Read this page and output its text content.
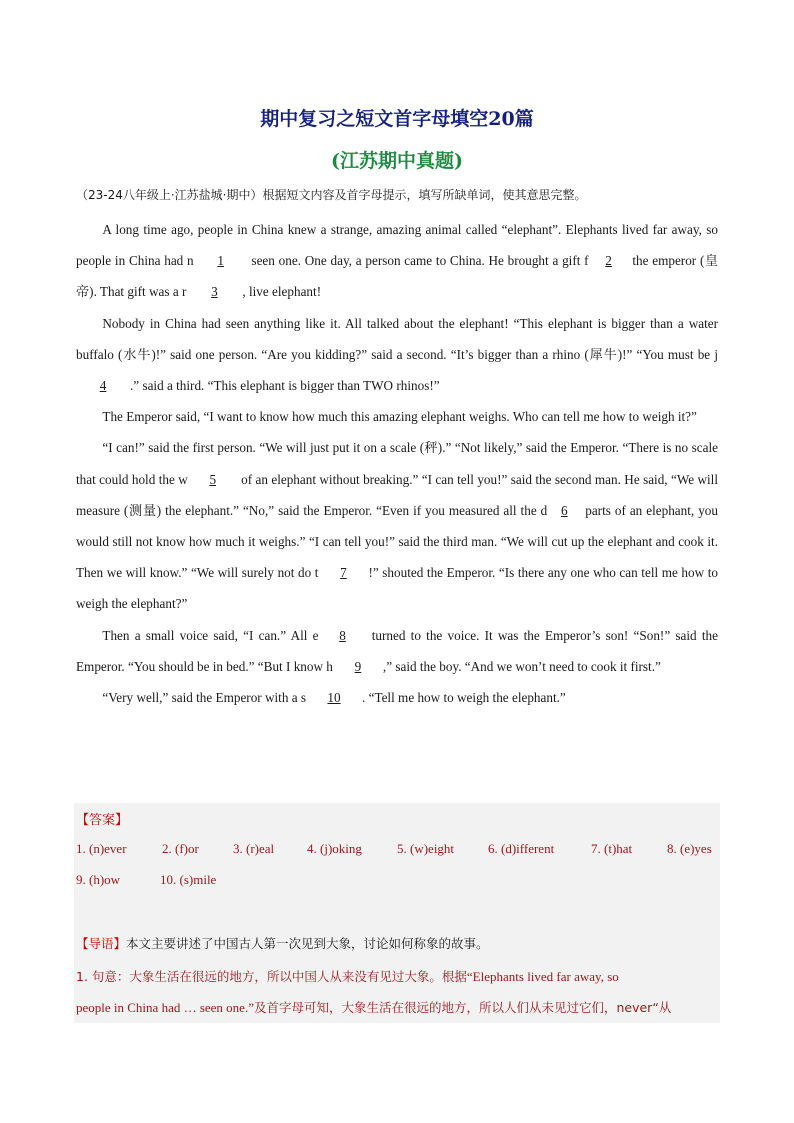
期中复习之短文首字母填空20篇
(江苏期中真题)
（23-24八年级上·江苏盐城·期中）根据短文内容及首字母提示，填写所缺单词，使其意思完整。

A long time ago, people in China knew a strange, amazing animal called “elephant”. Elephants lived far away, so people in China had n 1 seen one. One day, a person came to China. He brought a gift f 2 the emperor (皇帝). That gift was a r 3 , live elephant!

Nobody in China had seen anything like it. All talked about the elephant! “This elephant is bigger than a water buffalo (水牛)!” said one person. “Are you kidding?” said a second. “It’s bigger than a rhino (犀牛)!” “You must be j4 .” said a third. “This elephant is bigger than TWO rhinos!”

The Emperor said, “I want to know how much this amazing elephant weighs. Who can tell me how to weigh it?”

“I can!” said the first person. “We will just put it on a scale (秤).” “Not likely,” said the Emperor. “There is no scale that could hold the w 5 of an elephant without breaking.” “I can tell you!” said the second man. He said, “We will measure (测量) the elephant.” “No,” said the Emperor. “Even if you measured all the d 6 parts of an elephant, you would still not know how much it weighs.” “I can tell you!” said the third man. “We will cut up the elephant and cook it. Then we will know.” “We will surely not do t 7 !” shouted the Emperor. “Is there any one who can tell me how to weigh the elephant?”

Then a small voice said, “I can.” All e 8 turned to the voice. It was the Emperor’s son! “Son!” said the Emperor. “You should be in bed.” “But I know h 9 ,” said the boy. “And we won’t need to cook it first.”

“Very well,” said the Emperor with a s 10 . “Tell me how to weigh the elephant.”

【答案】
1. (n)ever	2. (f)or	3. (r)eal	4. (j)oking	5. (w)eight	6. (d)ifferent	7. (t)hat	8. (e)yes
9. (h)ow	10. (s)mile
【导语】本文主要讲述了中国古人第一次见到大象，讨论如何称象的故事。
1. 句意：大象生活在很远的地方，所以中国人从来没有见过大象。根据“Elephants lived far away, so
people in China had … seen one.”及首字母可知，大象生活在很远的地方，所以人们从未见过它们，never“从
